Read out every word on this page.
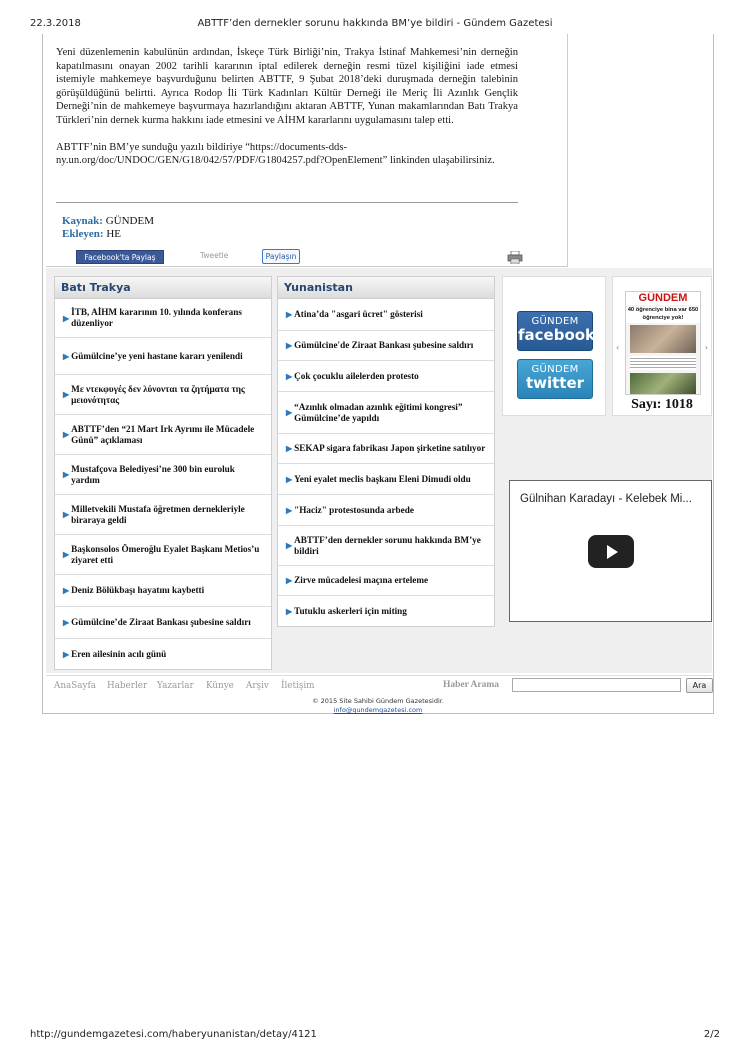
22.3.2018	ABTTF’den dernekler sorunu hakkında BM’ye bildiri - Gündem Gazetesi

Yeni düzenlemenin kabulünün ardından, İskeçe Türk Birliği’nin, Trakya İstinaf Mahkemesi’nin derneğin kapatılmasını onayan 2002 tarihli kararının iptal edilerek derneğin resmi tüzel kişiliğini iade etmesi istemiyle mahkemeye başvurduğunu belirten ABTTF, 9 Şubat 2018’deki duruşmada derneğin talebinin görüşüldüğünü belirtti. Ayrıca Rodop İli Türk Kadınları Kültür Derneği ile Meriç İli Azınlık Gençlik Derneği’nin de mahkemeye başvurmaya hazırlandığını aktaran ABTTF, Yunan makamlarından Batı Trakya Türkleri’nin dernek kurma hakkını iade etmesini ve AİHM kararlarını uygulamasını talep etti.

ABTTF’nin BM’ye sunduğu yazılı bildiriye “https://documents-dds-ny.un.org/doc/UNDOC/GEN/G18/042/57/PDF/G1804257.pdf?OpenElement” linkinden ulaşabilirsiniz.

Kaynak: GÜNDEM
Ekleyen: HE
Facebook'ta Paylaş	Tweetle	Paylaşın
Batı Trakya
▶
İTB, AİHM kararının 10. yılında konferans düzenliyor
▶ Gümülcine’ye yeni hastane kararı yenilendi
▶
Με ντεκφυγές δεν λύνονται τα ζητήματα της μειονότητας
▶
ABTTF’den “21 Mart Irk Ayrımı ile Mücadele Günü” açıklaması
▶
Mustafçova Belediyesi’ne 300 bin euroluk yardım
▶
Milletvekili Mustafa öğretmen dernekleriyle biraraya geldi
▶
Başkonsolos Ömeroğlu Eyalet Başkanı Metios’u ziyaret etti
▶ Deniz Bölükbaşı hayatını kaybetti
▶ Gümülcine’de Ziraat Bankası şubesine saldırı
▶ Eren ailesinin acılı günü
Yunanistan
▶ Atina’da "asgari ücret" gösterisi
▶ Gümülcine'de Ziraat Bankası şubesine saldırı
▶ Çok çocuklu ailelerden protesto
▶
“Azınlık olmadan azınlık eğitimi kongresi” Gümülcine’de yapıldı
▶ SEKAP sigara fabrikası Japon şirketine satılıyor
▶ Yeni eyalet meclis başkanı Eleni Dimudi oldu
▶ "Haciz" protestosunda arbede
▶
ABTTF’den dernekler sorunu hakkında BM’ye bildiri
▶ Zirve mücadelesi maçına erteleme
▶ Tutuklu askerleri için miting
GÜNDEM
facebook
GÜNDEM
twitter
‹
GÜNDEM
40 öğrenciye bina var 650 öğrenciye yok!
›
Sayı: 1018
Gülnihan Karadayı - Kelebek Mi...
AnaSayfa Haberler Yazarlar Künye Arşiv İletişim	Haber Arama	Ara
© 2015 Site Sahibi Gündem Gazetesidir.
info@gundemgazetesi.com
http://gundemgazetesi.com/haberyunanistan/detay/4121	2/2
